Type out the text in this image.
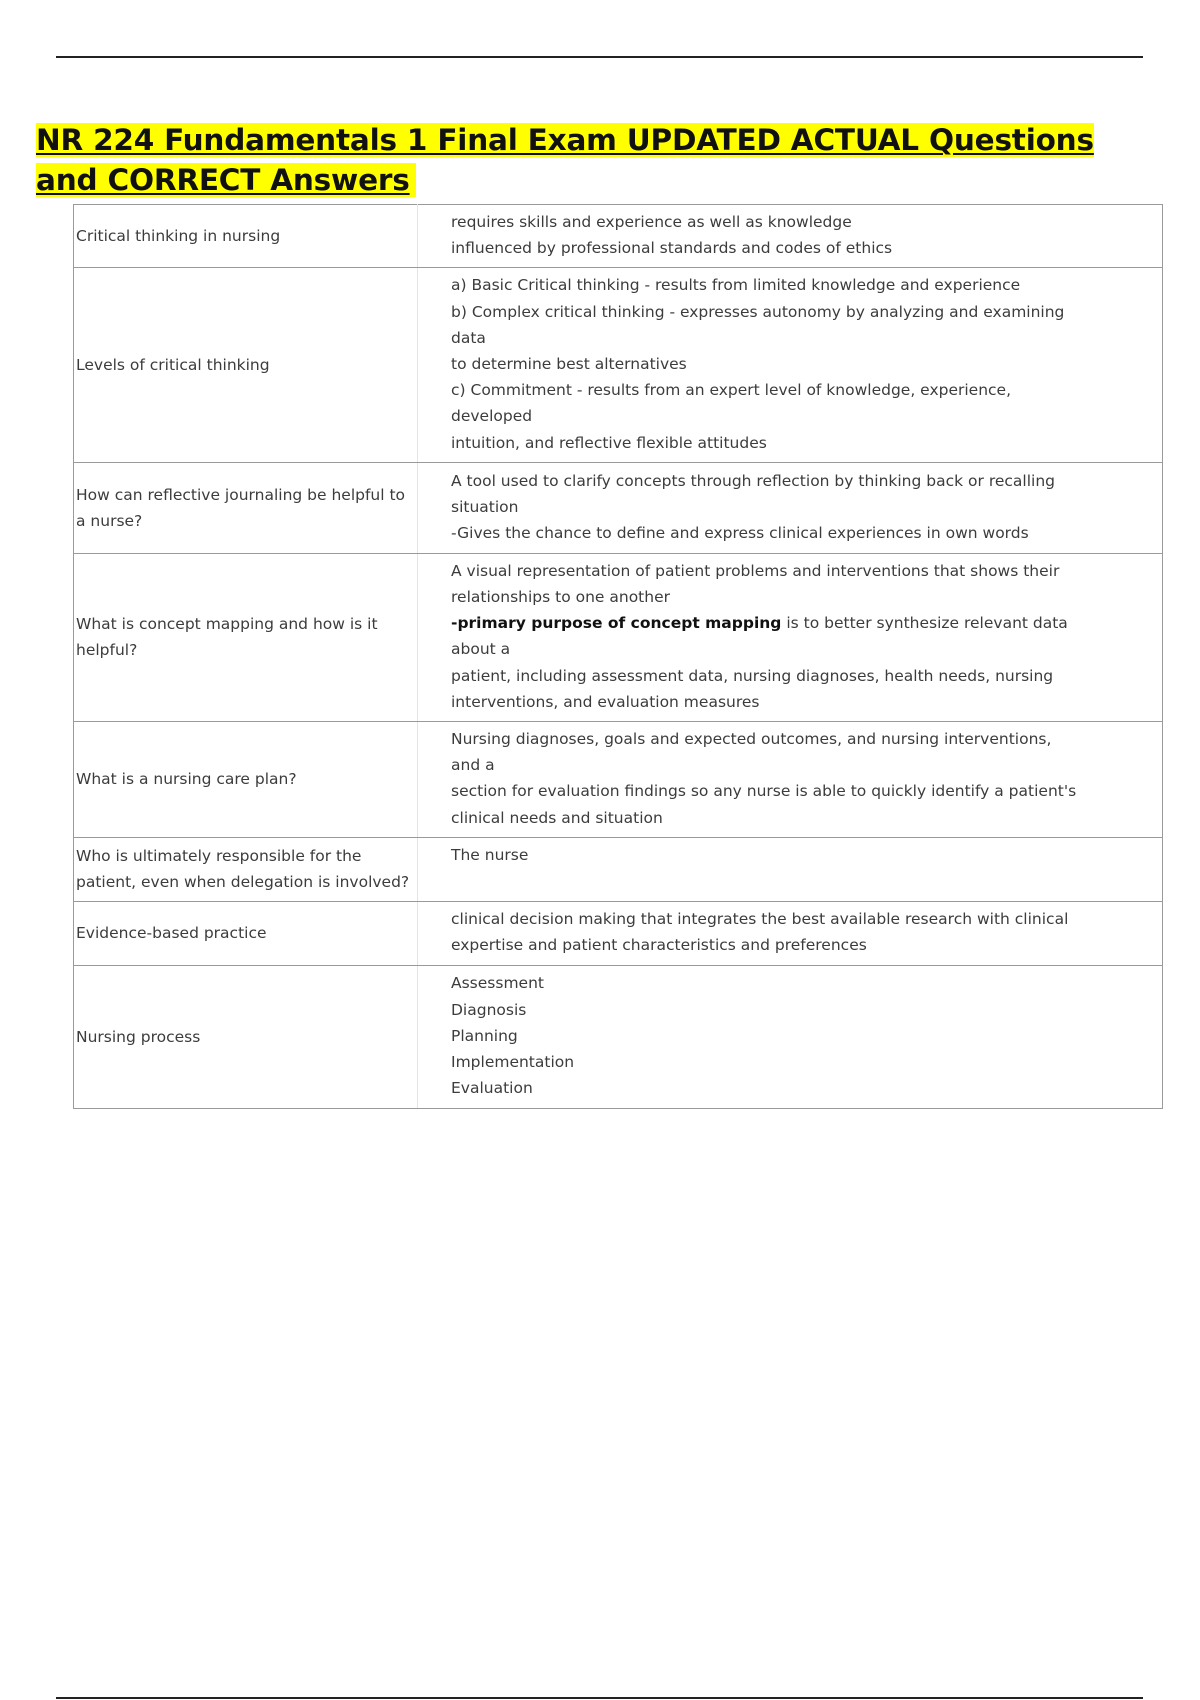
NR 224 Fundamentals 1 Final Exam UPDATED ACTUAL Questions and CORRECT Answers
Critical thinking in nursing	requires skills and experience as well as knowledge
influenced by professional standards and codes of ethics

Levels of critical thinking	a) Basic Critical thinking - results from limited knowledge and experience
b) Complex critical thinking - expresses autonomy by analyzing and examining data
to determine best alternatives
c) Commitment - results from an expert level of knowledge, experience, developed
intuition, and reflective flexible attitudes

How can reflective journaling be helpful to a nurse?	A tool used to clarify concepts through reflection by thinking back or recalling
situation
-Gives the chance to define and express clinical experiences in own words

What is concept mapping and how is it helpful?	A visual representation of patient problems and interventions that shows their
relationships to one another
-primary purpose of concept mapping is to better synthesize relevant data about a
patient, including assessment data, nursing diagnoses, health needs, nursing
interventions, and evaluation measures

What is a nursing care plan?	Nursing diagnoses, goals and expected outcomes, and nursing interventions, and a
section for evaluation findings so any nurse is able to quickly identify a patient's
clinical needs and situation

Who is ultimately responsible for the patient, even when delegation is involved?	The nurse

Evidence-based practice	clinical decision making that integrates the best available research with clinical
expertise and patient characteristics and preferences

Nursing process	Assessment
Diagnosis
Planning
Implementation
Evaluation
